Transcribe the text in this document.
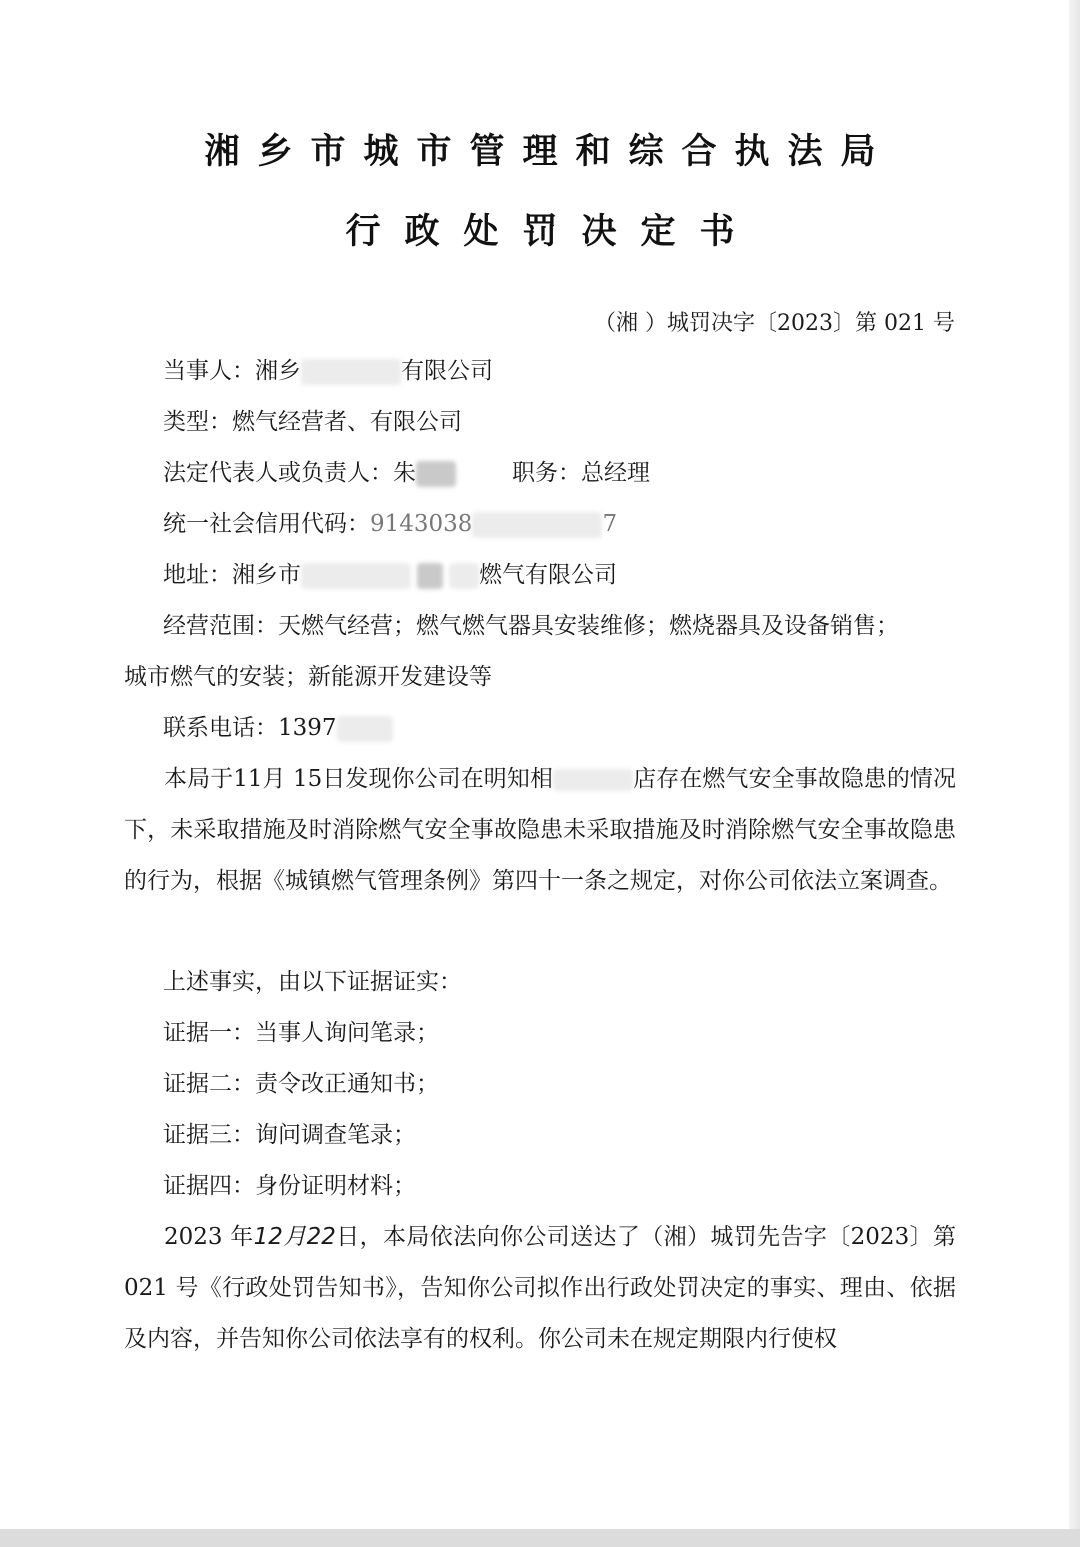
湘乡市城市管理和综合执法局
行政处罚决定书
（湘 ）城罚决字〔2023〕第 021 号
当事人：湘乡	有限公司
类型：燃气经营者、有限公司
法定代表人或负责人：朱	职务：总经理
统一社会信用代码：9143038	7
地址：湘乡市	燃气有限公司
经营范围：天燃气经营；燃气燃气器具安装维修；燃烧器具及设备销售；
城市燃气的安装；新能源开发建设等
联系电话：1397
本局于11月 15日发现你公司在明知相	店存在燃气安全事故隐患的情况下，未采取措施及时消除燃气安全事故隐患未采取措施及时消除燃气安全事故隐患的行为，根据《城镇燃气管理条例》第四十一条之规定，对你公司依法立案调查。
上述事实，由以下证据证实：
证据一：当事人询问笔录；
证据二：责令改正通知书；
证据三：询问调查笔录；
证据四：身份证明材料；
2023 年12月22日，本局依法向你公司送达了（湘）城罚先告字〔2023〕第021 号《行政处罚告知书》，告知你公司拟作出行政处罚决定的事实、理由、依据及内容，并告知你公司依法享有的权利。你公司未在规定期限内行使权
